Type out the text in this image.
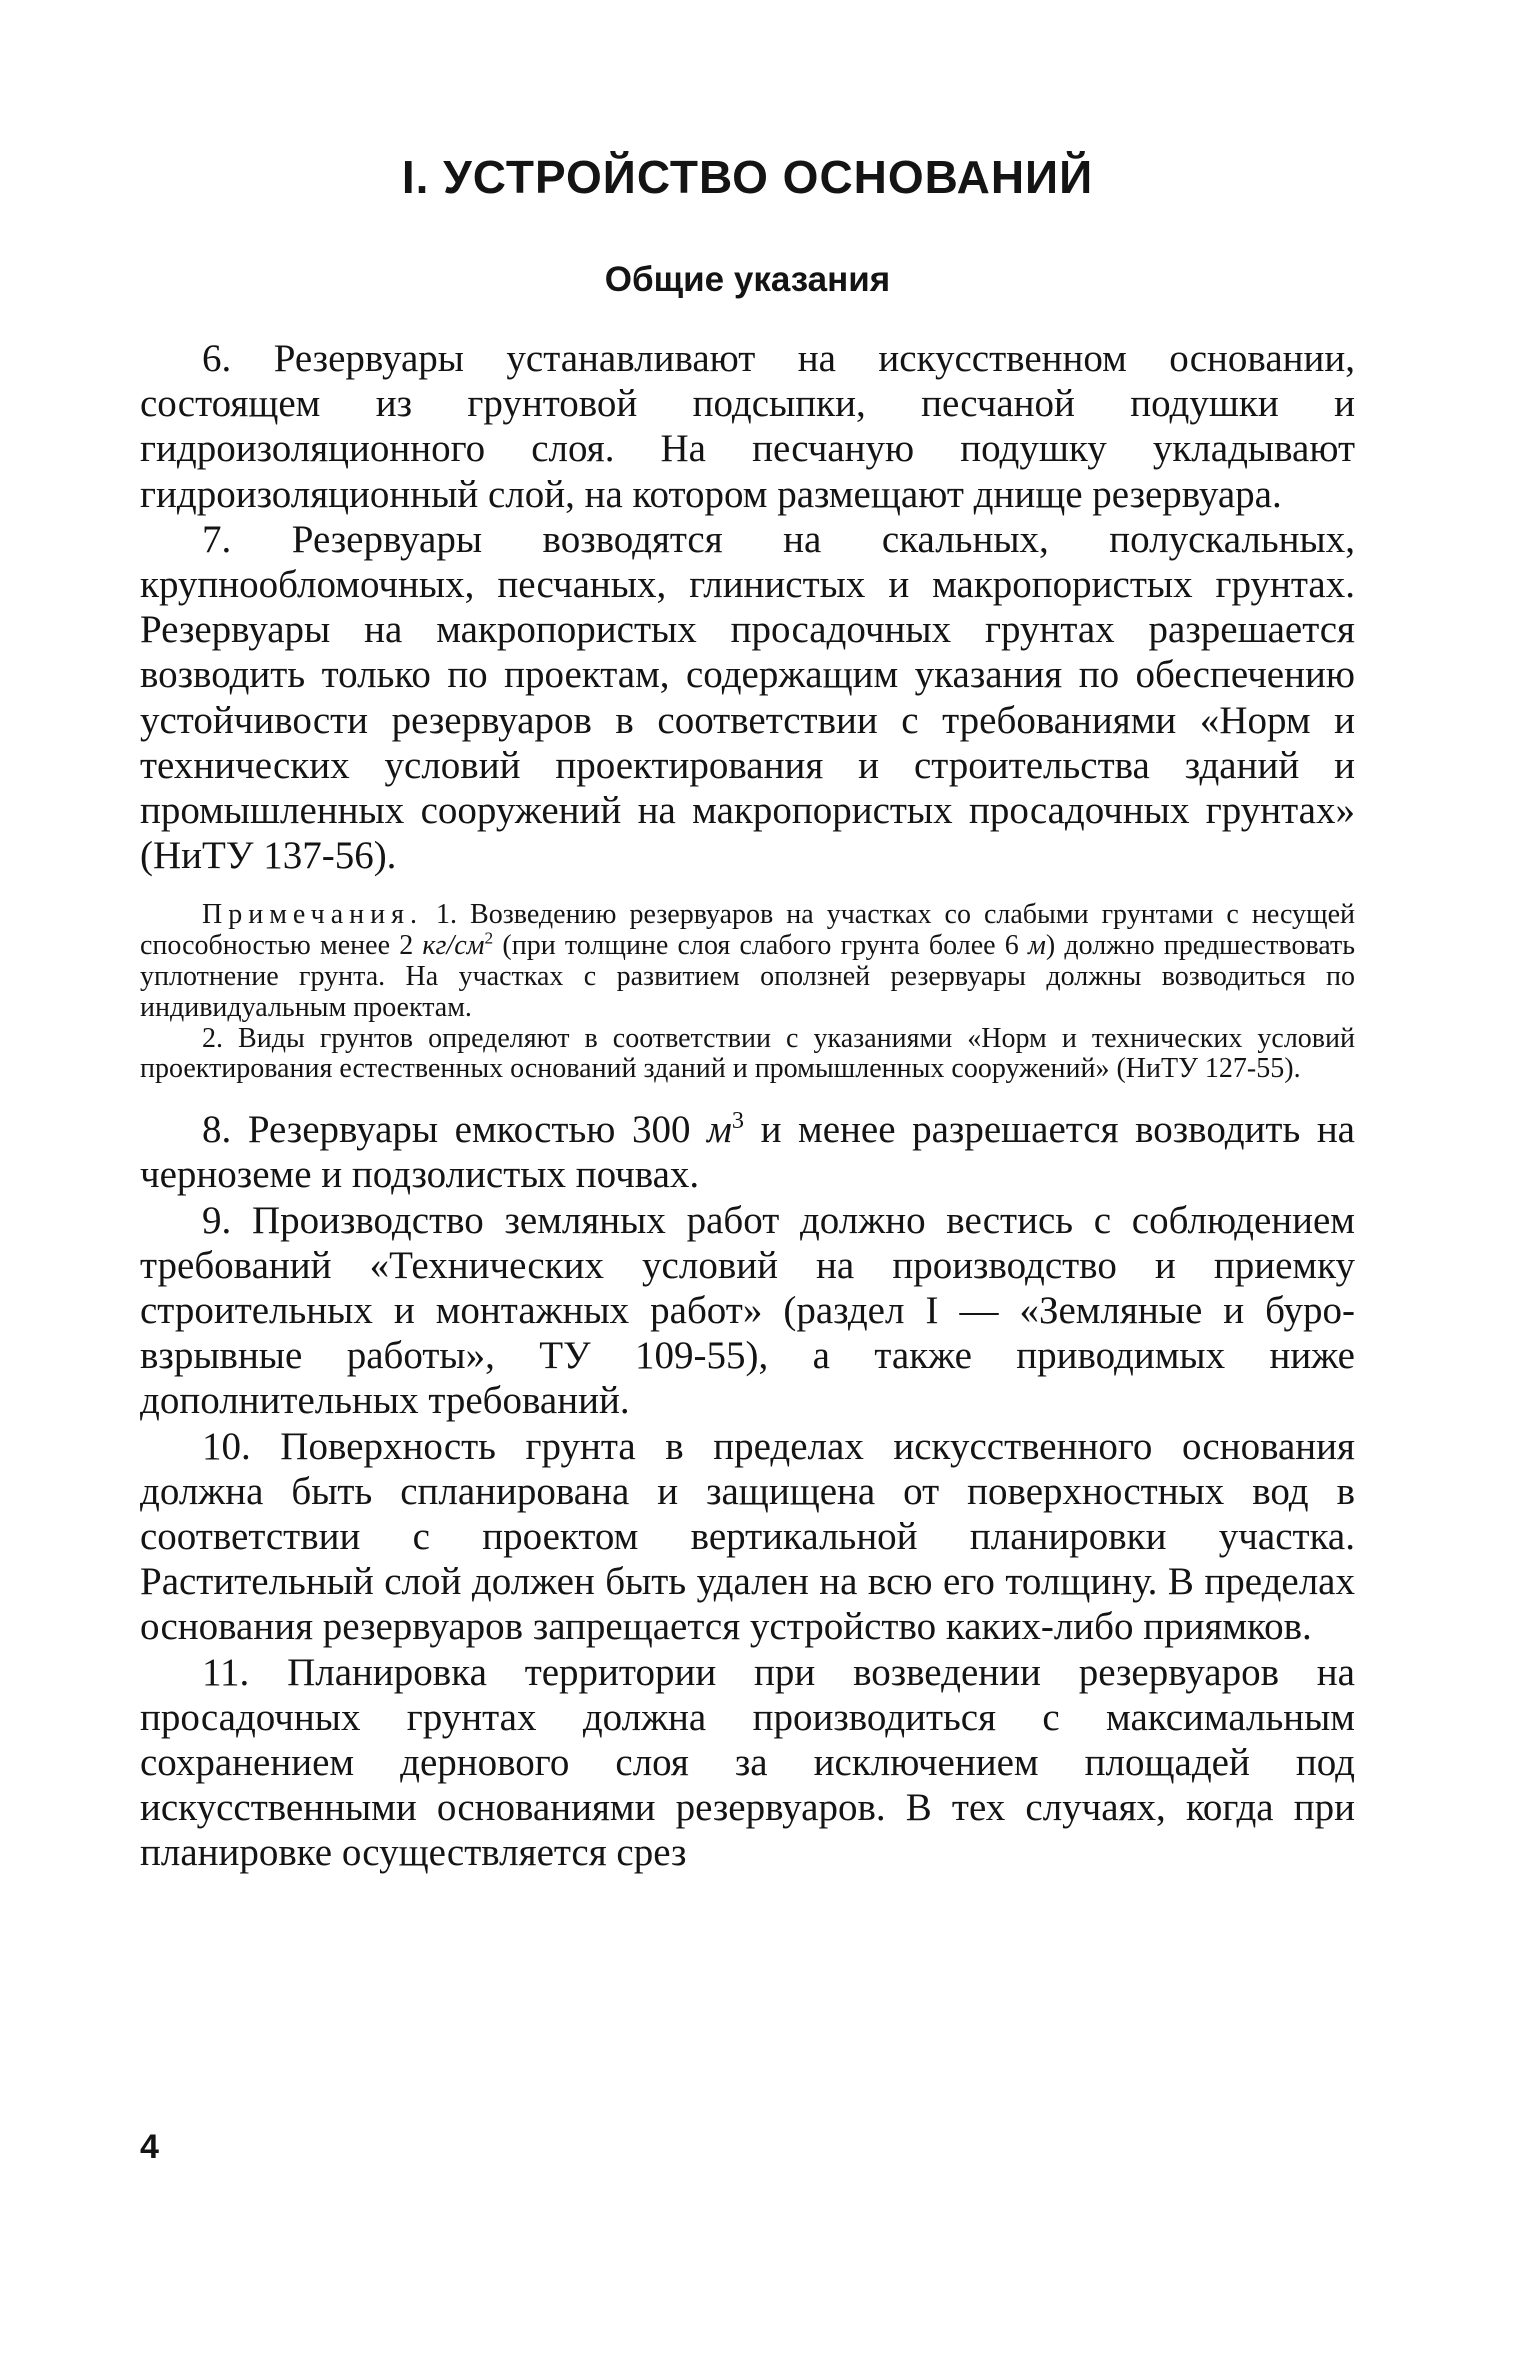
I. УСТРОЙСТВО ОСНОВАНИЙ
Общие указания

6. Резервуары устанавливают на искусственном основании, состоящем из грунтовой подсыпки, песчаной подушки и гидроизоляционного слоя. На песчаную подушку укладывают гидроизоляционный слой, на котором размещают днище резервуара.

7. Резервуары возводятся на скальных, полускальных, крупнообломочных, песчаных, глинистых и макропористых грунтах. Резервуары на макропористых просадочных грунтах разрешается возводить только по проектам, содержащим указания по обеспечению устойчивости резервуаров в соответствии с требованиями «Норм и технических условий проектирования и строительства зданий и промышленных сооружений на макропористых просадочных грунтах» (НиТУ 137-56).

Примечания. 1. Возведению резервуаров на участках со слабыми грунтами с несущей способностью менее 2 $кг/см^2$ (при толщине слоя слабого грунта более 6 м) должно предшествовать уплотнение грунта. На участках с развитием оползней резервуары должны возводиться по индивидуальным проектам.

2. Виды грунтов определяют в соответствии с указаниями «Норм и технических условий проектирования естественных оснований зданий и промышленных сооружений» (НиТУ 127-55).

8. Резервуары емкостью 300 $м^3$ и менее разрешается возводить на черноземе и подзолистых почвах.

9. Производство земляных работ должно вестись с соблюдением требований «Технических условий на производство и приемку строительных и монтажных работ» (раздел I — «Земляные и буро-взрывные работы», ТУ 109-55), а также приводимых ниже дополнительных требований.

10. Поверхность грунта в пределах искусственного основания должна быть спланирована и защищена от поверхностных вод в соответствии с проектом вертикальной планировки участка. Растительный слой должен быть удален на всю его толщину. В пределах основания резервуаров запрещается устройство каких-либо приямков.

11. Планировка территории при возведении резервуаров на просадочных грунтах должна производиться с максимальным сохранением дернового слоя за исключением площадей под искусственными основаниями резервуаров. В тех случаях, когда при планировке осуществляется срез

4
